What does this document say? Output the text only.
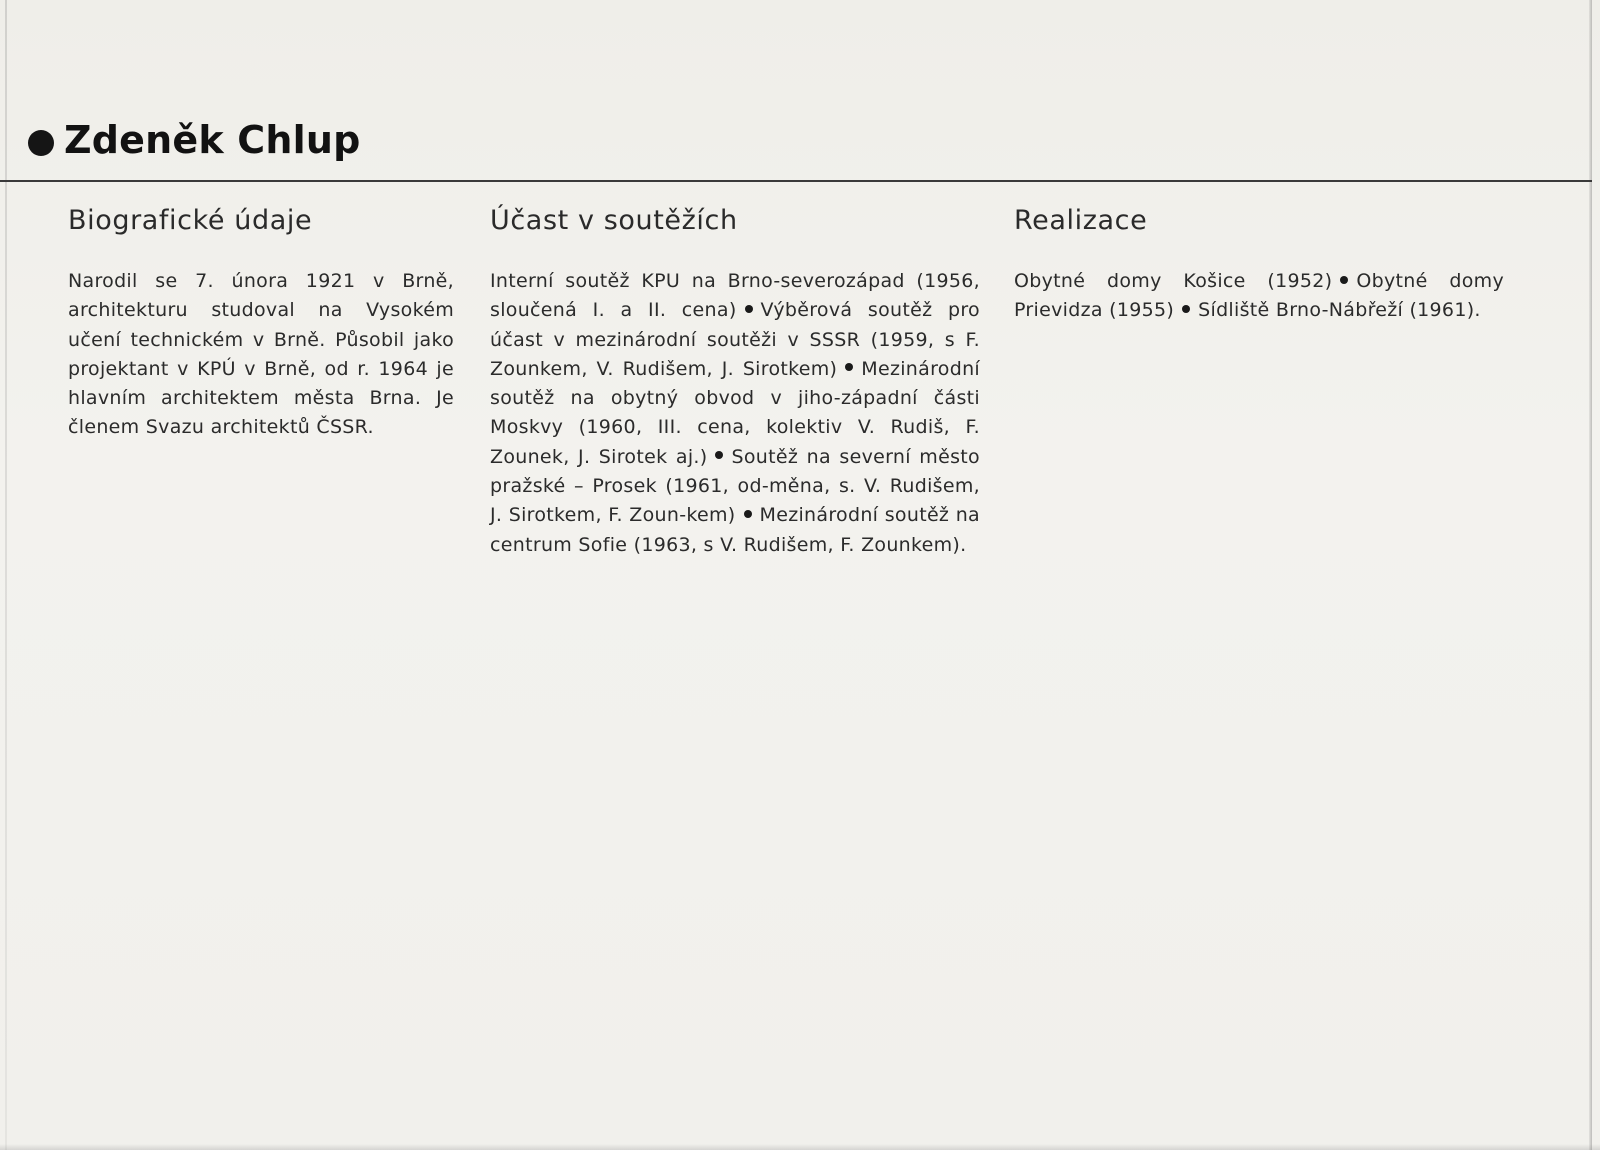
Zdeněk Chlup
Biografické údaje

Narodil se 7. února 1921 v Brně, architekturu studoval na Vysokém učení technickém v Brně. Působil jako projektant v KPÚ v Brně, od r. 1964 je hlavním architektem města Brna. Je členem Svazu architektů ČSSR.

Účast v soutěžích

Interní soutěž KPU na Brno-severozápad (1956, sloučená I. a II. cena) Výběrová soutěž pro účast v mezinárodní soutěži v SSSR (1959, s F. Zounkem, V. Rudišem, J. Sirotkem) Mezinárodní soutěž na obytný obvod v jiho-západní části Moskvy (1960, III. cena, kolektiv V. Rudiš, F. Zounek, J. Sirotek aj.) Soutěž na severní město pražské – Prosek (1961, od-měna, s. V. Rudišem, J. Sirotkem, F. Zoun-kem) Mezinárodní soutěž na centrum Sofie (1963, s V. Rudišem, F. Zounkem).

Realizace

Obytné domy Košice (1952) Obytné domy Prievidza (1955) Sídliště Brno-Nábřeží (1961).
